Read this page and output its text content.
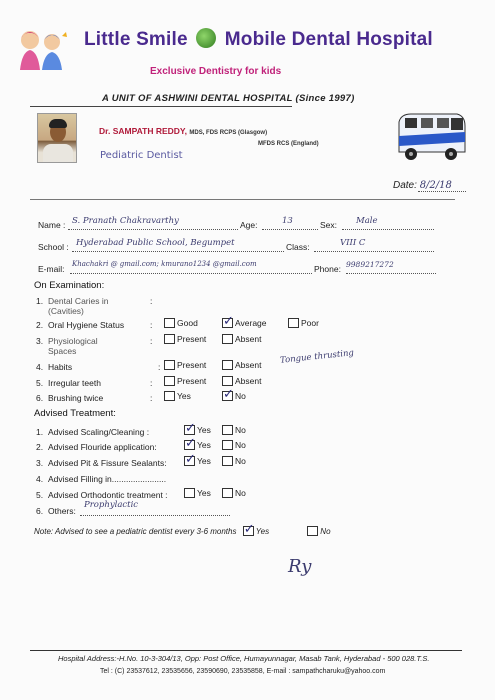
Little Smile Mobile Dental Hospital
Exclusive Dentistry for kids
A UNIT OF ASHWINI DENTAL HOSPITAL (Since 1997)
Dr. SAMPATH REDDY, MDS, FDS RCPS (Glasgow)
MFDS RCS (England)
Pediatric Dentist
Date: 8/2/18
Name : S. Pranath Chakravarthy	Age:	13	Sex: Male
School : Hyderabad Public School, Begumpet	Class:	VIII C
E-mail: Khachakri @ gmail.com; kmurano1234 @gmail.com	Phone: 9989217272
On Examination:
1. Dental Caries in
(Cavities)
:
2. Oral Hygiene Status	:	Good ✓	Average	Poor
3. Physiological
Spaces
:	Present	Absent
4. Habits	:	Present	Absent Tongue thrusting
5. Irregular teeth	:	Present	Absent
6. Brushing twice	:	Yes ✓	No
Advised Treatment:
1. Advised Scaling/Cleaning : ✓	Yes	No
2. Advised Flouride application: ✓	Yes	No
3. Advised Pit & Fissure Sealants: ✓	Yes	No
4. Advised Filling in.......................
5. Advised Orthodontic treatment :	Yes	No
6. Others:
Prophylactic
Note: Advised to see a pediatric dentist every 3-6 months ✓ Yes	No
Ry
Hospital Address:-H.No. 10-3-304/13, Opp: Post Office, Humayunnagar, Masab Tank, Hyderabad - 500 028.T.S.
Tel : (C) 23537612, 23535656, 23590690, 23535858, E-mail : sampathcharuku@yahoo.com
